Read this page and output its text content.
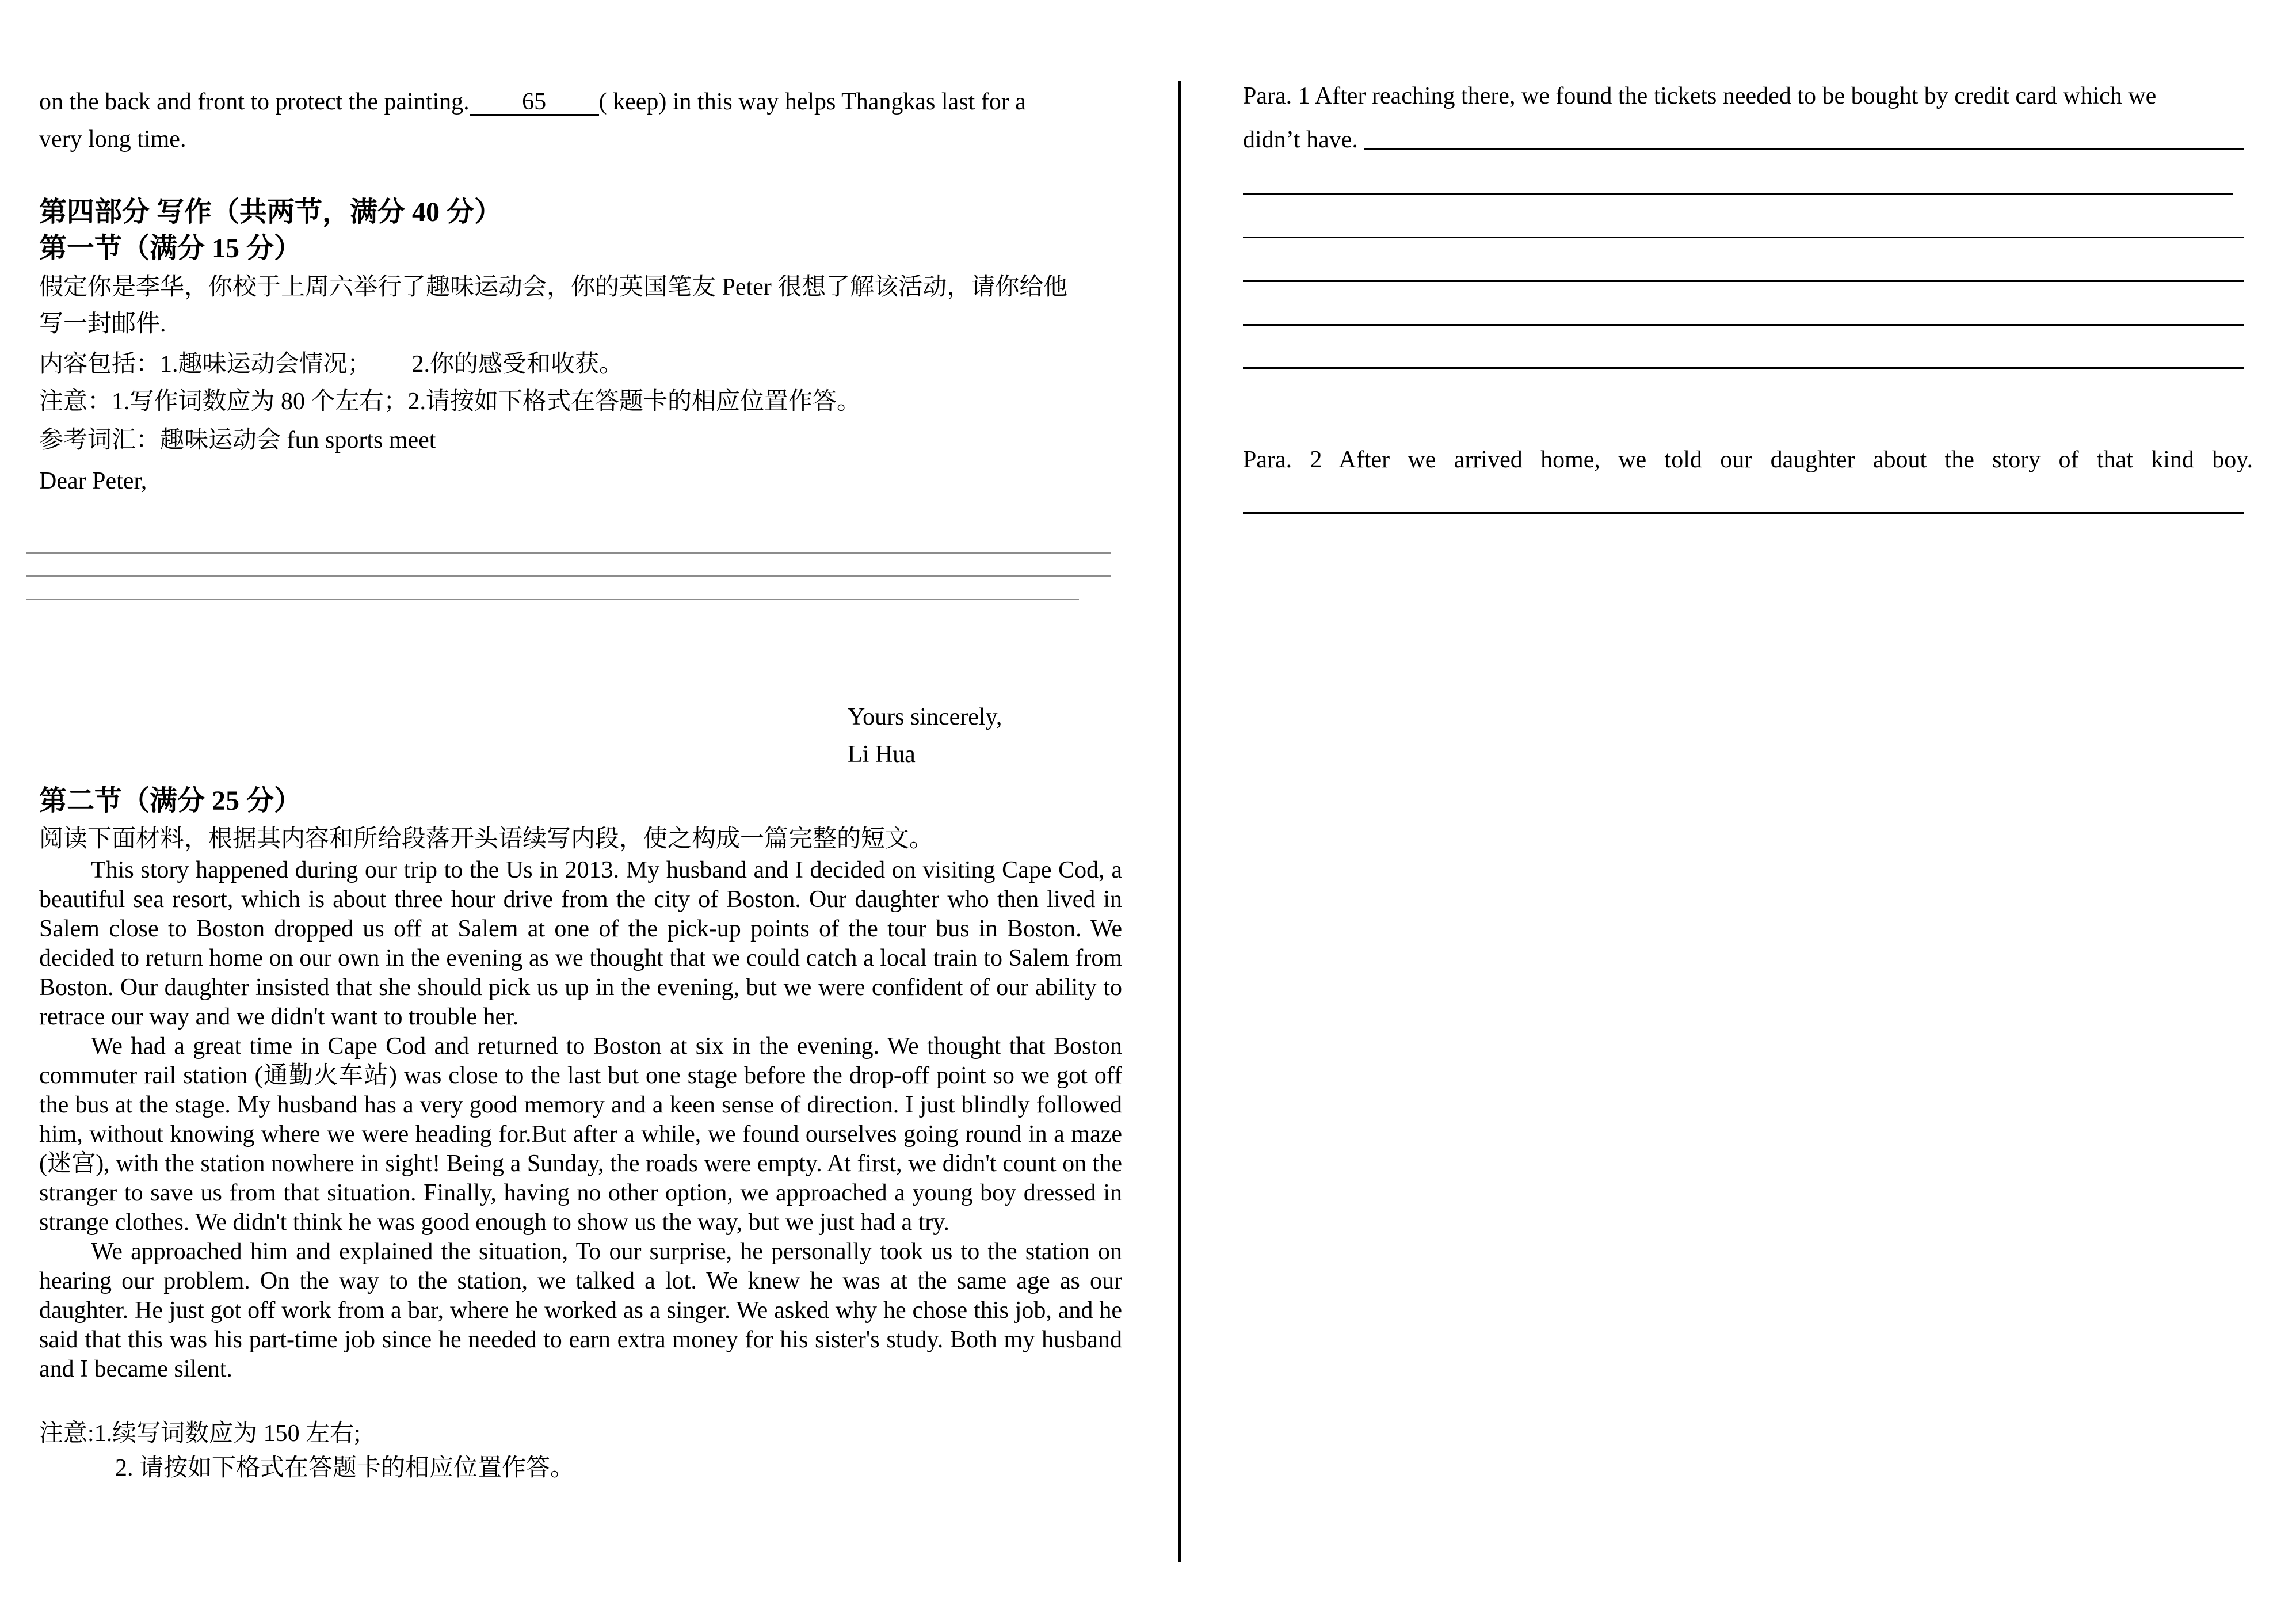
on the back and front to protect the painting. 65 ( keep) in this way helps Thangkas last for a
very long time.
第四部分 写作（共两节，满分 40 分）
第一节（满分 15 分）
假定你是李华，你校于上周六举行了趣味运动会，你的英国笔友 Peter 很想了解该活动，请你给他
写一封邮件.
内容包括：1.趣味运动会情况； 2.你的感受和收获。
注意：1.写作词数应为 80 个左右；2.请按如下格式在答题卡的相应位置作答。
参考词汇：趣味运动会 fun sports meet
Dear Peter,
Yours sincerely,
Li Hua
第二节（满分 25 分）
阅读下面材料，根据其内容和所给段落开头语续写内段，使之构成一篇完整的短文。

This story happened during our trip to the Us in 2013. My husband and I decided on visiting Cape Cod, a beautiful sea resort, which is about three hour drive from the city of Boston. Our daughter who then lived in Salem close to Boston dropped us off at Salem at one of the pick-up points of the tour bus in Boston. We decided to return home on our own in the evening as we thought that we could catch a local train to Salem from Boston. Our daughter insisted that she should pick us up in the evening, but we were confident of our ability to retrace our way and we didn't want to trouble her.

We had a great time in Cape Cod and returned to Boston at six in the evening. We thought that Boston commuter rail station (通勤火车站) was close to the last but one stage before the drop-off point so we got off the bus at the stage. My husband has a very good memory and a keen sense of direction. I just blindly followed him, without knowing where we were heading for.But after a while, we found ourselves going round in a maze (迷宫), with the station nowhere in sight! Being a Sunday, the roads were empty. At first, we didn't count on the stranger to save us from that situation. Finally, having no other option, we approached a young boy dressed in strange clothes. We didn't think he was good enough to show us the way, but we just had a try.

We approached him and explained the situation, To our surprise, he personally took us to the station on hearing our problem. On the way to the station, we talked a lot. We knew he was at the same age as our daughter. He just got off work from a bar, where he worked as a singer. We asked why he chose this job, and he said that this was his part-time job since he needed to earn extra money for his sister's study. Both my husband and I became silent.

注意:1.续写词数应为 150 左右;
2. 请按如下格式在答题卡的相应位置作答。
Para. 1 After reaching there, we found the tickets needed to be bought by credit card which we
didn’t have.
Para. 2 After we arrived home, we told our daughter about the story of that kind boy.
